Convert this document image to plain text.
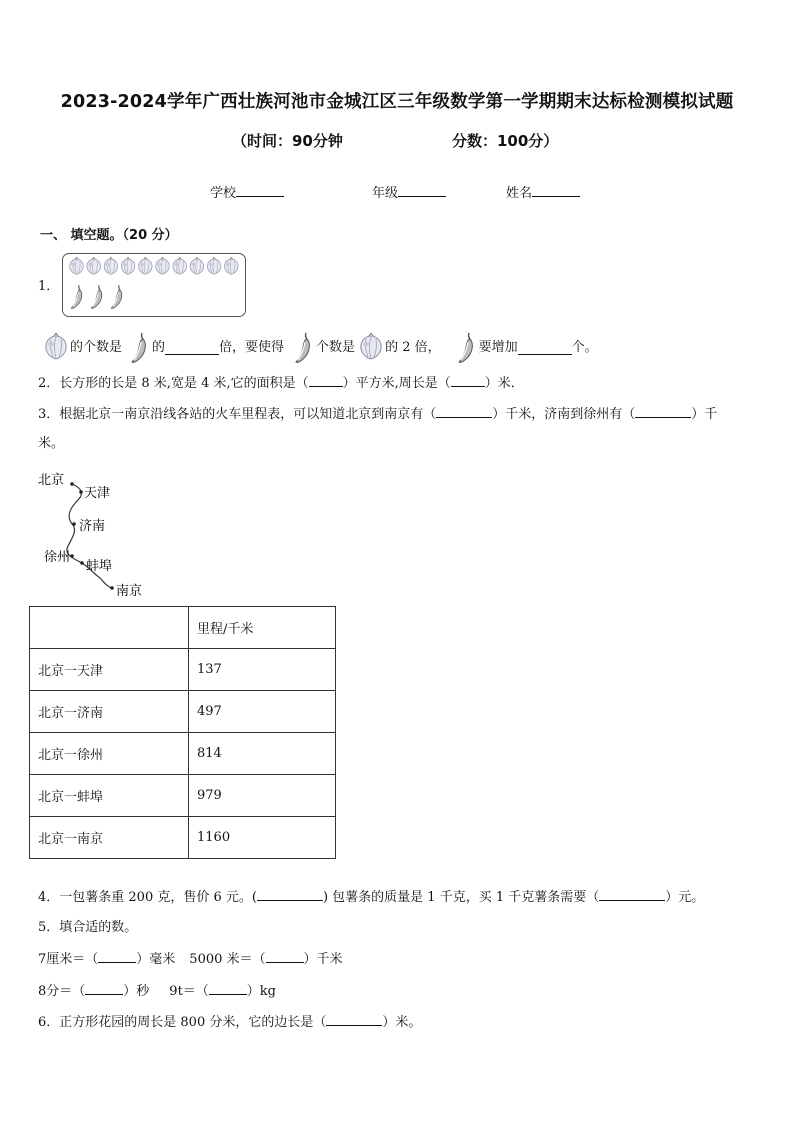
2023-2024学年广西壮族河池市金城江区三年级数学第一学期期末达标检测模拟试题
（时间：90分钟	分数：100分）
学校	年级	姓名
一、 填空题。（20 分）
1．
的个数是 的	倍，要使得 个数是 的 2 倍，	要增加	个。
2．长方形的长是 8 米,宽是 4 米,它的面积是（	）平方米,周长是（	）米．
3．根据北京一南京沿线各站的火车里程表，可以知道北京到南京有（	）千米，济南到徐州有（	）千
米。
北京
天津
济南
徐州
蚌埠
南京
	里程/千米
北京一天津	137
北京一济南	497
北京一徐州	814
北京一蚌埠	979
北京一南京	1160
4．一包薯条重 200 克，售价 6 元。(	) 包薯条的质量是 1 千克，买 1 千克薯条需要（	）元。
5．填合适的数。
7厘米＝（	）毫米 5000 米＝（	）千米
8分＝（	）秒 9t＝（	）kg
6．正方形花园的周长是 800 分米，它的边长是（	）米。
